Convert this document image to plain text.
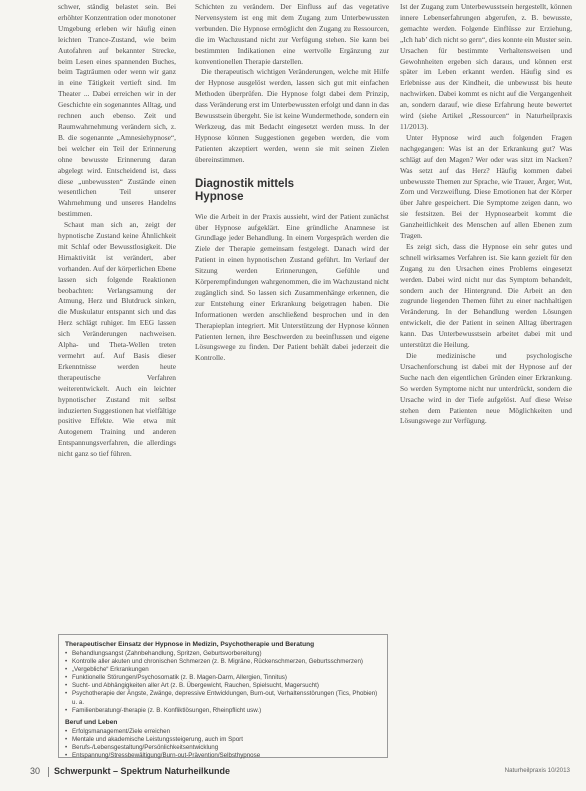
schwer, ständig belastet sein. Bei erhöhter Konzentration oder monotoner Umgebung erleben wir häufig einen leichten Trance-Zustand, wie beim Autofahren auf bekannter Strecke, beim Lesen eines spannenden Buches, beim Tagträumen oder wenn wir ganz in eine Tätigkeit vertieft sind. Im Theater ... Dabei erreichen wir in der Geschichte ein sogenanntes Alltag, und rechnen auch ebenso. Zeit und Raumwahrnehmung verändern sich, z. B. die sogenannte „Amnesiehypnose“, bei welcher ein Teil der Erinnerung ohne bewusste Erinnerung daran abgelegt wird. Entscheidend ist, dass diese „unbewussten“ Zustände einen wesentlichen Teil unserer Wahrnehmung und unseres Handelns bestimmen.

Schaut man sich an, zeigt der hypnotische Zustand keine Ähnlichkeit mit Schlaf oder Bewusstlosigkeit. Die Hirnaktivität ist verändert, aber vorhanden. Auf der körperlichen Ebene lassen sich folgende Reaktionen beobachten: Verlangsamung der Atmung, Herz und Blutdruck sinken, die Muskulatur entspannt sich und das Herz schlägt ruhiger. Im EEG lassen sich Veränderungen nachweisen. Alpha- und Theta-Wellen treten vermehrt auf. Auf Basis dieser Erkenntnisse werden heute therapeutische Verfahren weiterentwickelt. Auch ein leichter hypnotischer Zustand mit selbst induzierten Suggestionen hat vielfältige positive Effekte. Wie etwa mit Autogenem Training und anderen Entspannungsverfahren, die allerdings nicht ganz so tief führen.

Schichten zu verändern. Der Einfluss auf das vegetative Nervensystem ist eng mit dem Zugang zum Unterbewussten verbunden. Die Hypnose ermöglicht den Zugang zu Ressourcen, die im Wachzustand nicht zur Verfügung stehen. Sie kann bei bestimmten Indikationen eine wertvolle Ergänzung zur konventionellen Therapie darstellen.

Die therapeutisch wichtigen Veränderungen, welche mit Hilfe der Hypnose ausgelöst werden, lassen sich gut mit einfachen Methoden überprüfen. Die Hypnose folgt dabei dem Prinzip, dass Veränderung erst im Unterbewussten erfolgt und dann in das Bewusstsein übergeht. Sie ist keine Wundermethode, sondern ein Werkzeug, das mit Bedacht eingesetzt werden muss. In der Hypnose können Suggestionen gegeben werden, die vom Patienten akzeptiert werden, wenn sie mit seinen Zielen übereinstimmen.

Diagnostik mittels Hypnose

Wie die Arbeit in der Praxis aussieht, wird der Patient zunächst über Hypnose aufgeklärt. Eine gründliche Anamnese ist Grundlage jeder Behandlung. In einem Vorgespräch werden die Ziele der Therapie gemeinsam festgelegt. Danach wird der Patient in einen hypnotischen Zustand geführt. Im Verlauf der Sitzung werden Erinnerungen, Gefühle und Körperempfindungen wahrgenommen, die im Wachzustand nicht zugänglich sind. So lassen sich Zusammenhänge erkennen, die zur Entstehung einer Erkrankung beigetragen haben. Die Informationen werden anschließend besprochen und in den Therapieplan integriert. Mit Unterstützung der Hypnose können Patienten lernen, ihre Beschwerden zu beeinflussen und eigene Lösungswege zu finden. Der Patient behält dabei jederzeit die Kontrolle.

Ist der Zugang zum Unterbewusstsein hergestellt, können innere Lebenserfahrungen abgerufen, z. B. bewusste, gemachte werden. Folgende Einflüsse zur Erziehung, „Ich hab’ dich nicht so gern“, dies konnte ein Muster sein. Ursachen für bestimmte Verhaltensweisen und Gewohnheiten ergeben sich daraus, und können erst später im Leben erkannt werden. Häufig sind es Erlebnisse aus der Kindheit, die unbewusst bis heute nachwirken. Dabei kommt es nicht auf die Vergangenheit an, sondern darauf, wie diese Erfahrung heute bewertet wird (siehe Artikel „Ressourcen“ in Naturheilpraxis 11/2013).

Unter Hypnose wird auch folgenden Fragen nachgegangen: Was ist an der Erkrankung gut? Was schlägt auf den Magen? Wer oder was sitzt im Nacken? Was setzt auf das Herz? Häufig kommen dabei unbewusste Themen zur Sprache, wie Trauer, Ärger, Wut, Zorn und Verzweiflung. Diese Emotionen hat der Körper über Jahre gespeichert. Die Symptome zeigen dann, wo sie festsitzen. Bei der Hypnosearbeit kommt die Ganzheitlichkeit des Menschen auf allen Ebenen zum Tragen.

Es zeigt sich, dass die Hypnose ein sehr gutes und schnell wirksames Verfahren ist. Sie kann gezielt für den Zugang zu den Ursachen eines Problems eingesetzt werden. Dabei wird nicht nur das Symptom behandelt, sondern auch der Hintergrund. Die Arbeit an den zugrunde liegenden Themen führt zu einer nachhaltigen Veränderung. In der Behandlung werden Lösungen entwickelt, die der Patient in seinen Alltag übertragen kann. Das Unterbewusstsein arbeitet dabei mit und unterstützt die Heilung.

Die medizinische und psychologische Ursachenforschung ist dabei mit der Hypnose auf der Suche nach den eigentlichen Gründen einer Erkrankung. So werden Symptome nicht nur unterdrückt, sondern die Ursache wird in der Tiefe aufgelöst. Auf diese Weise stehen dem Patienten neue Möglichkeiten und Lösungswege zur Verfügung.

Therapeutischer Einsatz der Hypnose in Medizin, Psychotherapie und Beratung
• Behandlungsangst (Zahnbehandlung, Spritzen, Geburtsvorbereitung)
• Kontrolle aller akuten und chronischen Schmerzen (z. B. Migräne, Rückenschmerzen, Geburtsschmerzen)
• „Vergebliche“ Erkrankungen
• Funktionelle Störungen/Psychosomatik (z. B. Magen-Darm, Allergien, Tinnitus)
• Sucht- und Abhängigkeiten aller Art (z. B. Übergewicht, Rauchen, Spielsucht, Magersucht)
• Psychotherapie der Ängste, Zwänge, depressive Entwicklungen, Burn-out, Verhaltensstörungen (Tics, Phobien) u. a.
• Familienberatung/-therapie (z. B. Konfliktlösungen, Rheinpflicht usw.)
Beruf und Leben
• Erfolgsmanagement/Ziele erreichen
• Mentale und akademische Leistungssteigerung, auch im Sport
• Berufs-/Lebensgestaltung/Persönlichkeitsentwicklung
• Entspannung/Stressbewältigung/Burn-out-Prävention/Selbsthypnose
30 Schwerpunkt – Spektrum Naturheilkunde	Naturheilpraxis 10/2013
